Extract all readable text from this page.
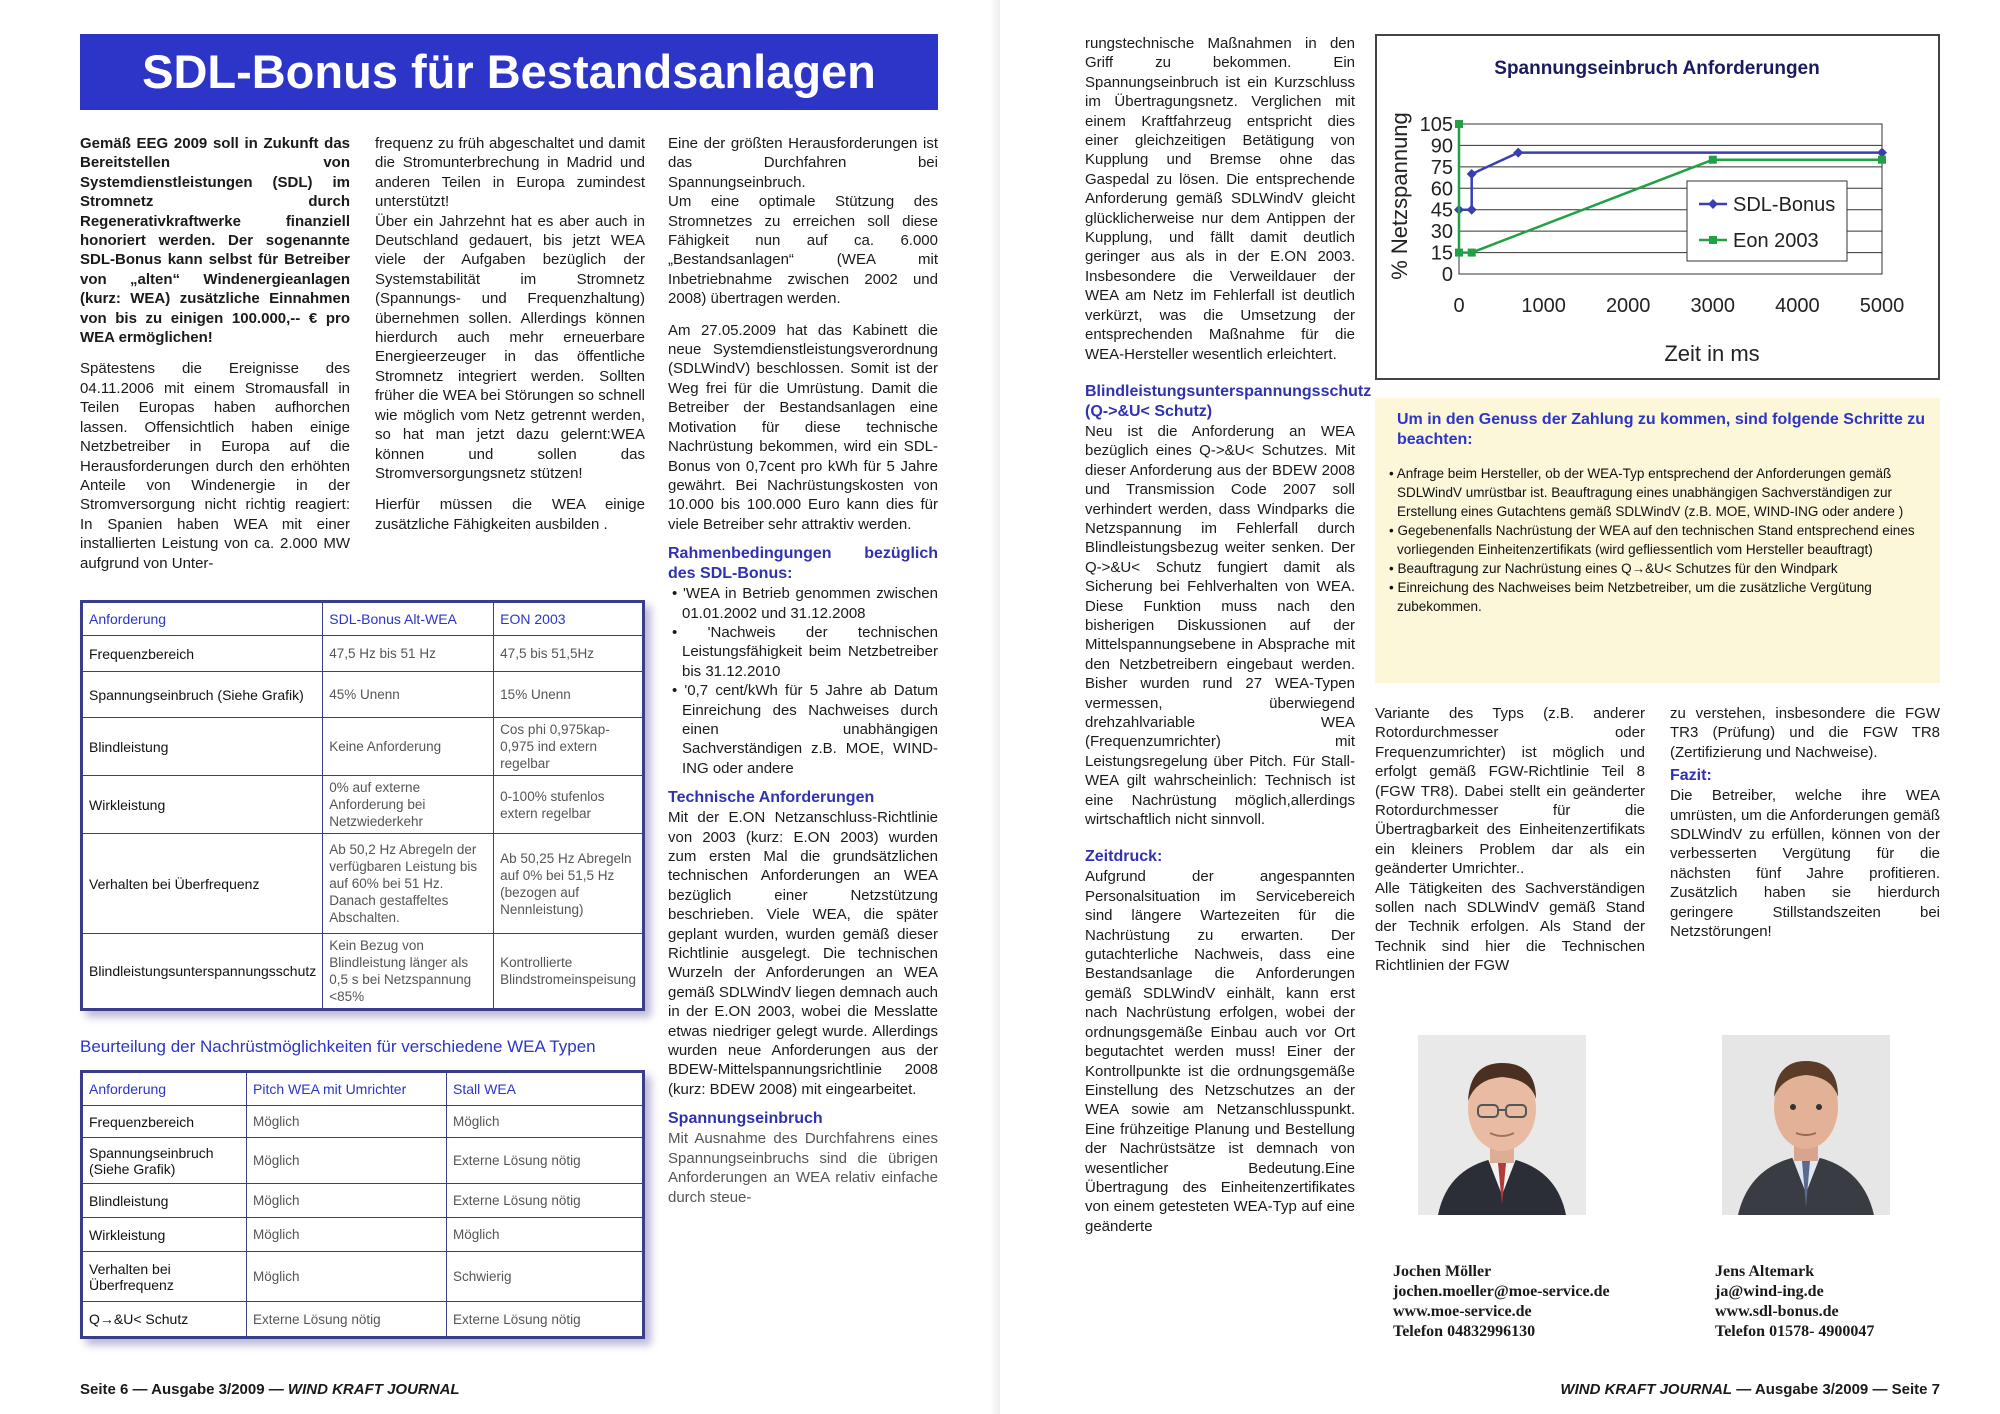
SDL-Bonus für Bestandsanlagen

Gemäß EEG 2009 soll in Zukunft das Bereitstellen von Systemdienstleistungen (SDL) im Stromnetz durch Regenerativkraftwerke finanziell honoriert werden. Der sogenannte SDL-Bonus kann selbst für Betreiber von „alten“ Windenergieanlagen (kurz: WEA) zusätzliche Einnahmen von bis zu einigen 100.000,-- € pro WEA ermöglichen!

Spätestens die Ereignisse des 04.11.2006 mit einem Stromausfall in Teilen Europas haben aufhorchen lassen. Offensichtlich haben einige Netzbetreiber in Europa auf die Herausforderungen durch den erhöhten Anteile von Windenergie in der Stromversorgung nicht richtig reagiert: In Spanien haben WEA mit einer installierten Leistung von ca. 2.000 MW aufgrund von Unter-

frequenz zu früh abgeschaltet und damit die Stromunterbrechung in Madrid und anderen Teilen in Europa zumindest unterstützt!

Über ein Jahrzehnt hat es aber auch in Deutschland gedauert, bis jetzt WEA viele der Aufgaben bezüglich der Systemstabilität im Stromnetz (Spannungs- und Frequenzhaltung) übernehmen sollen. Allerdings können hierdurch auch mehr erneuerbare Energieerzeuger in das öffentliche Stromnetz integriert werden. Sollten früher die WEA bei Störungen so schnell wie möglich vom Netz getrennt werden, so hat man jetzt dazu gelernt:WEA können und sollen das Stromversorgungsnetz stützen!

Hierfür müssen die WEA einige zusätzliche Fähigkeiten ausbilden .

Eine der größten Herausforderungen ist das Durchfahren bei Spannungseinbruch.

Um eine optimale Stützung des Stromnetzes zu erreichen soll diese Fähigkeit nun auf ca. 6.000 „Bestandsanlagen“ (WEA mit Inbetriebnahme zwischen 2002 und 2008) übertragen werden.

Am 27.05.2009 hat das Kabinett die neue Systemdienstleistungsverordnung (SDLWindV) beschlossen. Somit ist der Weg frei für die Umrüstung. Damit die Betreiber der Bestandsanlagen eine Motivation für diese technische Nachrüstung bekommen, wird ein SDL-Bonus von 0,7cent pro kWh für 5 Jahre gewährt. Bei Nachrüstungskosten von 10.000 bis 100.000 Euro kann dies für viele Betreiber sehr attraktiv werden.

Rahmenbedingungen bezüglich des SDL-Bonus:
• 'WEA in Betrieb genommen zwischen 01.01.2002 und 31.12.2008
• 'Nachweis der technischen Leistungsfähigkeit beim Netzbetreiber bis 31.12.2010
• '0,7 cent/kWh für 5 Jahre ab Datum Einreichung des Nachweises durch einen unabhängigen Sachverständigen z.B. MOE, WIND-ING oder andere
Technische Anforderungen

Mit der E.ON Netzanschluss-Richtlinie von 2003 (kurz: E.ON 2003) wurden zum ersten Mal die grundsätzlichen technischen Anforderungen an WEA bezüglich einer Netzstützung beschrieben. Viele WEA, die später geplant wurden, wurden gemäß dieser Richtlinie ausgelegt. Die technischen Wurzeln der Anforderungen an WEA gemäß SDLWindV liegen demnach auch in der E.ON 2003, wobei die Messlatte etwas niedriger gelegt wurde. Allerdings wurden neue Anforderungen aus der BDEW-Mittelspannungsrichtlinie 2008 (kurz: BDEW 2008) mit eingearbeitet.

Spannungseinbruch

Mit Ausnahme des Durchfahrens eines Spannungseinbruchs sind die übrigen Anforderungen an WEA relativ einfache durch steue-

Anforderung	SDL-Bonus Alt-WEA	EON 2003
Frequenzbereich	47,5 Hz bis 51 Hz	47,5 bis 51,5Hz
Spannungseinbruch (Siehe Grafik)	45% Unenn	15% Unenn
Blindleistung	Keine Anforderung	Cos phi 0,975kap- 0,975 ind extern regelbar
Wirkleistung	0% auf externe Anforderung bei Netzwiederkehr	0-100% stufenlos extern regelbar
Verhalten bei Überfrequenz	Ab 50,2 Hz Abregeln der verfügbaren Leistung bis auf 60% bei 51 Hz. Danach gestaffeltes Abschalten.	Ab 50,25 Hz Abregeln auf 0% bei 51,5 Hz (bezogen auf Nennleistung)
Blindleistungsunterspannungsschutz	Kein Bezug von Blindleistung länger als 0,5 s bei Netzspannung <85%	Kontrollierte Blindstromeinspeisung
Beurteilung der Nachrüstmöglichkeiten für verschiedene WEA Typen
Anforderung	Pitch WEA mit Umrichter	Stall WEA
Frequenzbereich	Möglich	Möglich
Spannungseinbruch (Siehe Grafik)	Möglich	Externe Lösung nötig
Blindleistung	Möglich	Externe Lösung nötig
Wirkleistung	Möglich	Möglich
Verhalten bei Überfrequenz	Möglich	Schwierig
Q→&U< Schutz	Externe Lösung nötig	Externe Lösung nötig
Seite 6 — Ausgabe 3/2009 — WIND KRAFT JOURNAL

rungstechnische Maßnahmen in den Griff zu bekommen. Ein Spannungseinbruch ist ein Kurzschluss im Übertragungsnetz. Verglichen mit einem Kraftfahrzeug entspricht dies einer gleichzeitigen Betätigung von Kupplung und Bremse ohne das Gaspedal zu lösen. Die entsprechende Anforderung gemäß SDLWindV gleicht glücklicherweise nur dem Antippen der Kupplung, und fällt damit deutlich geringer aus als in der E.ON 2003. Insbesondere die Verweildauer der WEA am Netz im Fehlerfall ist deutlich verkürzt, was die Umsetzung der entsprechenden Maßnahme für die WEA-Hersteller wesentlich erleichtert.

Blindleistungsunterspannungsschutz (Q->&U< Schutz)

Neu ist die Anforderung an WEA bezüglich eines Q->&U< Schutzes. Mit dieser Anforderung aus der BDEW 2008 und Transmission Code 2007 soll verhindert werden, dass Windparks die Netzspannung im Fehlerfall durch Blindleistungsbezug weiter senken. Der Q->&U< Schutz fungiert damit als Sicherung bei Fehlverhalten von WEA. Diese Funktion muss nach den bisherigen Diskussionen auf der Mittelspannungsebene in Absprache mit den Netzbetreibern eingebaut werden. Bisher wurden rund 27 WEA-Typen vermessen, überwiegend drehzahlvariable WEA (Frequenzumrichter) mit Leistungsregelung über Pitch. Für Stall-WEA gilt wahrscheinlich: Technisch ist eine Nachrüstung möglich,allerdings wirtschaftlich nicht sinnvoll.

Zeitdruck:

Aufgrund der angespannten Personalsituation im Servicebereich sind längere Wartezeiten für die Nachrüstung zu erwarten. Der gutachterliche Nachweis, dass eine Bestandsanlage die Anforderungen gemäß SDLWindV einhält, kann erst nach Nachrüstung erfolgen, wobei der ordnungsgemäße Einbau auch vor Ort begutachtet werden muss! Einer der Kontrollpunkte ist die ordnungsgemäße Einstellung des Netzschutzes an der WEA sowie am Netzanschlusspunkt. Eine frühzeitige Planung und Bestellung der Nachrüstsätze ist demnach von wesentlicher Bedeutung.Eine Übertragung des Einheitenzertifikates von einem getesteten WEA-Typ auf eine geänderte

Variante des Typs (z.B. anderer Rotordurchmesser oder Frequenzumrichter) ist möglich und erfolgt gemäß FGW-Richtlinie Teil 8 (FGW TR8). Dabei stellt ein geänderter Rotordurchmesser für die Übertragbarkeit des Einheitenzertifikats ein kleiners Problem dar als ein geänderter Umrichter..

Alle Tätigkeiten des Sachverständigen sollen nach SDLWindV gemäß Stand der Technik erfolgen. Als Stand der Technik sind hier die Technischen Richtlinien der FGW

zu verstehen, insbesondere die FGW TR3 (Prüfung) und die FGW TR8 (Zertifizierung und Nachweise).

Fazit:

Die Betreiber, welche ihre WEA umrüsten, um die Anforderungen gemäß SDLWindV zu erfüllen, können von der verbesserten Vergütung für die nächsten fünf Jahre profitieren. Zusätzlich haben sie hierdurch geringere Stillstandszeiten bei Netzstörungen!

Jochen Möller
jochen.moeller@moe-service.de
www.moe-service.de
Telefon 04832996130
Jens Altemark
ja@wind-ing.de
www.sdl-bonus.de
Telefon 01578- 4900047
WIND KRAFT JOURNAL — Ausgabe 3/2009 — Seite 7
Spannungseinbruch Anforderungen
% Netzspannung
Zeit in ms
0
15
30
45
60
75
90
105
0	1000 2000 3000 4000 5000
SDL-Bonus
Eon 2003
Um in den Genuss der Zahlung zu kommen, sind folgende Schritte zu beachten:
• Anfrage beim Hersteller, ob der WEA-Typ entsprechend der Anforderungen gemäß SDLWindV umrüstbar ist. Beauftragung eines unabhängigen Sachverständigen zur Erstellung eines Gutachtens gemäß SDLWindV (z.B. MOE, WIND-ING oder andere )
• Gegebenenfalls Nachrüstung der WEA auf den technischen Stand entsprechend eines vorliegenden Einheitenzertifikats (wird gefliessentlich vom Hersteller beauftragt)
• Beauftragung zur Nachrüstung eines Q→&U< Schutzes für den Windpark
• Einreichung des Nachweises beim Netzbetreiber, um die zusätzliche Vergütung zubekommen.
